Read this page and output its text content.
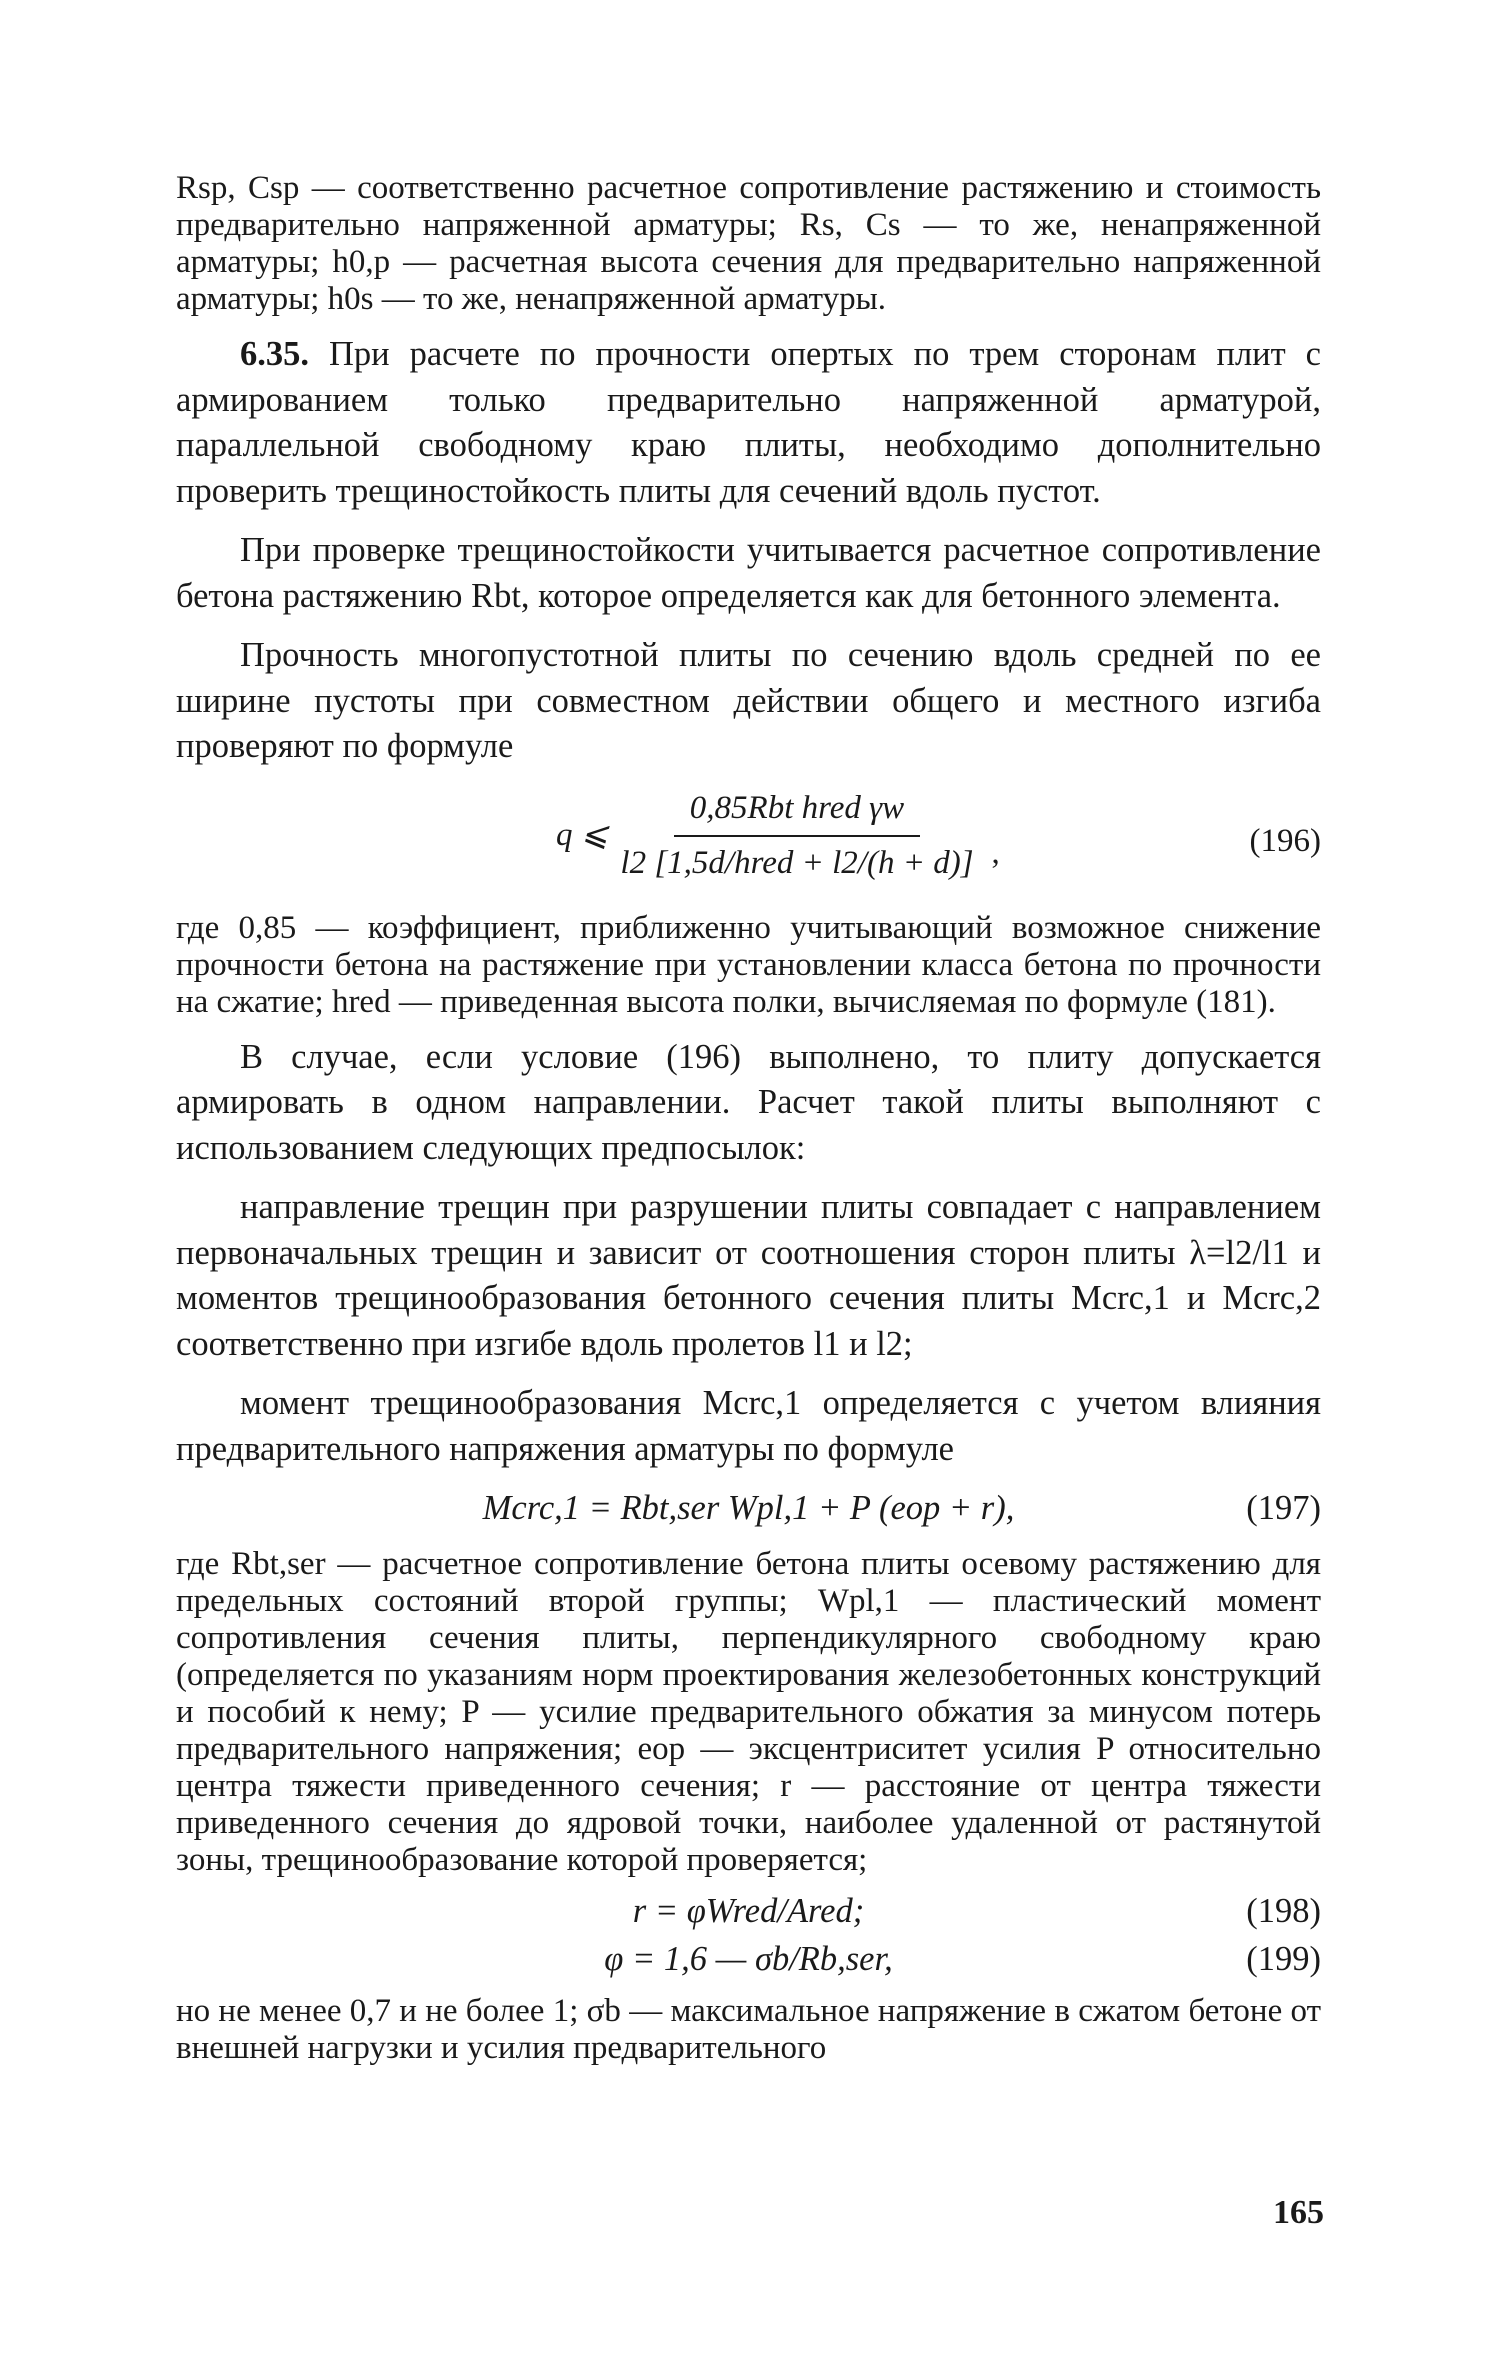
Rsp, Csp — соответственно расчетное сопротивление растяжению и стоимость предварительно напряженной арматуры; Rs, Cs — то же, ненапряженной арматуры; h0,p — расчетная высота сечения для предварительно напряженной арматуры; h0s — то же, ненапряженной арматуры.

6.35. При расчете по прочности опертых по трем сторонам плит с армированием только предварительно напряженной арматурой, параллельной свободному краю плиты, необходимо дополнительно проверить трещиностойкость плиты для сечений вдоль пустот.

При проверке трещиностойкости учитывается расчетное сопротивление бетона растяжению Rbt, которое определяется как для бетонного элемента.

Прочность многопустотной плиты по сечению вдоль средней по ее ширине пустоты при совместном действии общего и местного изгиба проверяют по формуле

q ⩽
0,85Rbt hred γw
l2 [1,5d/hred + l2/(h + d)] ,	(196)

где 0,85 — коэффициент, приближенно учитывающий возможное снижение прочности бетона на растяжение при установлении класса бетона по прочности на сжатие; hred — приведенная высота полки, вычисляемая по формуле (181).

В случае, если условие (196) выполнено, то плиту допускается армировать в одном направлении. Расчет такой плиты выполняют с использованием следующих предпосылок:

направление трещин при разрушении плиты совпадает с направлением первоначальных трещин и зависит от соотношения сторон плиты λ=l2/l1 и моментов трещинообразования бетонного сечения плиты Mcrc,1 и Mcrc,2 соответственно при изгибе вдоль пролетов l1 и l2;

момент трещинообразования Mcrc,1 определяется с учетом влияния предварительного напряжения арматуры по формуле

Mcrc,1 = Rbt,ser Wpl,1 + P (eop + r),	(197)

где Rbt,ser — расчетное сопротивление бетона плиты осевому растяжению для предельных состояний второй группы; Wpl,1 — пластический момент сопротивления сечения плиты, перпендикулярного свободному краю (определяется по указаниям норм проектирования железобетонных конструкций и пособий к нему; P — усилие предварительного обжатия за минусом потерь предварительного напряжения; eop — эксцентриситет усилия P относительно центра тяжести приведенного сечения; r — расстояние от центра тяжести приведенного сечения до ядровой точки, наиболее удаленной от растянутой зоны, трещинообразование которой проверяется;

r = φWred/Ared;	(198)
φ = 1,6 — σb/Rb,ser,	(199)

но не менее 0,7 и не более 1; σb — максимальное напряжение в сжатом бетоне от внешней нагрузки и усилия предварительного

165
